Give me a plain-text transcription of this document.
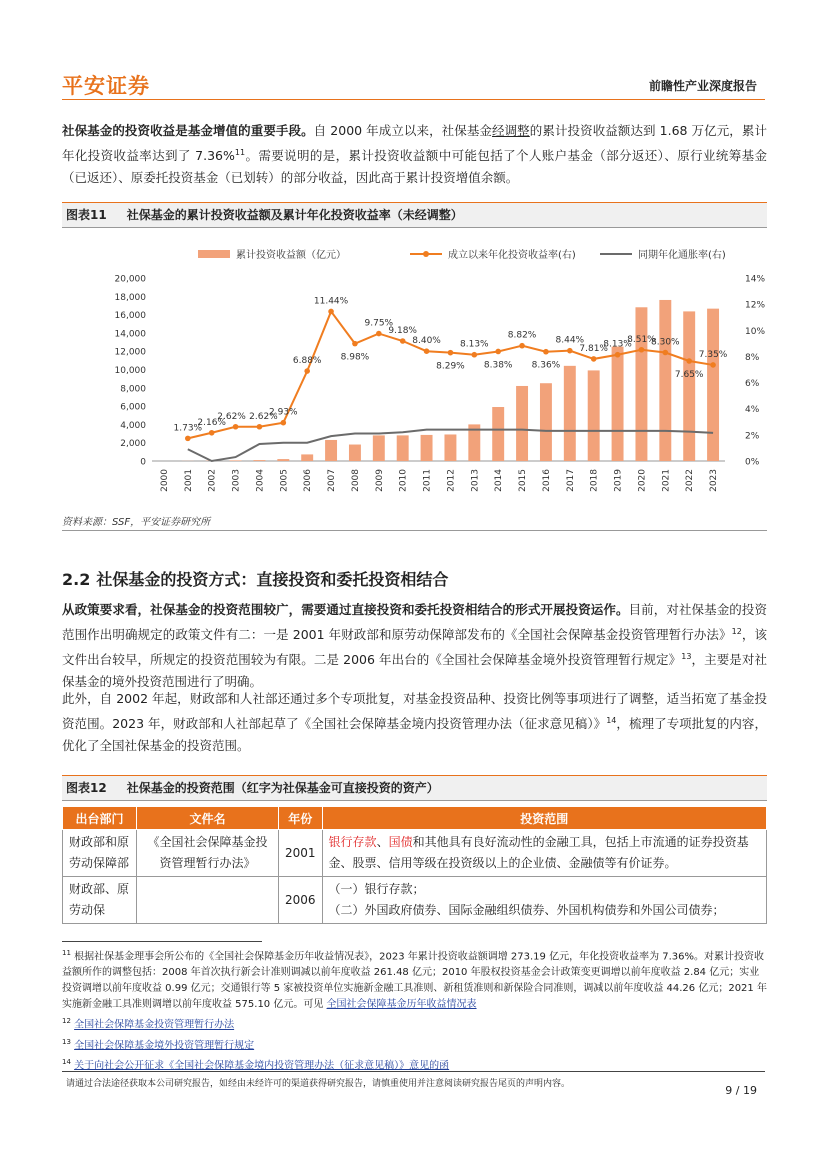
平安证券	前瞻性产业深度报告
社保基金的投资收益是基金增值的重要手段。自 2000 年成立以来，社保基金经调整的累计投资收益额达到 1.68 万亿元，累计年化投资收益率达到了 7.36%$^{11}$。需要说明的是，累计投资收益额中可能包括了个人账户基金（部分返还）、原行业统筹基金（已返还）、原委托投资基金（已划转）的部分收益，因此高于累计投资增值余额。
图表11 社保基金的累计投资收益额及累计年化投资收益率（未经调整）
累计投资收益额（亿元）	成立以来年化投资收益率(右)	同期年化通胀率(右)
0
2,000
4,000
6,000
8,000
10,000
12,000
14,000
16,000
18,000
20,000
0%
2%
4%
6%
8%
10%
12%
14%
2000 2001 2002 2003 2004 2005 2006 2007 2008 2009 2010 2011 2012 2013 2014 2015 2016 2017 2018 2019 2020 2021 2022 2023
1.73%
2.16%
2.62% 2.62%
2.93%
6.88%
11.44%
8.98%
9.75%
9.18%
8.40%
8.29%
8.13%
8.38%
8.82%
8.36%
8.44%
7.81%
8.13%
8.51%
8.30%
7.65%
7.35%
资料来源：SSF，平安证券研究所
2.2 社保基金的投资方式：直接投资和委托投资相结合
从政策要求看，社保基金的投资范围较广，需要通过直接投资和委托投资相结合的形式开展投资运作。目前，对社保基金的投资范围作出明确规定的政策文件有二：一是 2001 年财政部和原劳动保障部发布的《全国社会保障基金投资管理暂行办法》$^{12}$，该文件出台较早，所规定的投资范围较为有限。二是 2006 年出台的《全国社会保障基金境外投资管理暂行规定》$^{13}$，主要是对社保基金的境外投资范围进行了明确。
此外，自 2002 年起，财政部和人社部还通过多个专项批复，对基金投资品种、投资比例等事项进行了调整，适当拓宽了基金投资范围。2023 年，财政部和人社部起草了《全国社会保障基金境内投资管理办法（征求意见稿）》$^{14}$，梳理了专项批复的内容，优化了全国社保基金的投资范围。
图表12 社保基金的投资范围（红字为社保基金可直接投资的资产）
出台部门	文件名	年份	投资范围
财政部和原劳动保障部	《全国社会保障基金投资管理暂行办法》	2001	银行存款、国债和其他具有良好流动性的金融工具，包括上市流通的证券投资基金、股票、信用等级在投资级以上的企业债、金融债等有价证券。
财政部、原劳动保		2006	（一）银行存款；
（二）外国政府债券、国际金融组织债券、外国机构债券和外国公司债券；
$^{11}$ 根据社保基金理事会所公布的《全国社会保障基金历年收益情况表》，2023 年累计投资收益额调增 273.19 亿元，年化投资收益率为 7.36%。对累计投资收益额所作的调整包括：2008 年首次执行新会计准则调减以前年度收益 261.48 亿元；2010 年股权投资基金会计政策变更调增以前年度收益 2.84 亿元；实业投资调增以前年度收益 0.99 亿元；交通银行等 5 家被投资单位实施新金融工具准则、新租赁准则和新保险合同准则，调减以前年度收益 44.26 亿元；2021 年实施新金融工具准则调增以前年度收益 575.10 亿元。可见 全国社会保障基金历年收益情况表
$^{12}$ 全国社会保障基金投资管理暂行办法
$^{13}$ 全国社会保障基金境外投资管理暂行规定
$^{14}$ 关于向社会公开征求《全国社会保障基金境内投资管理办法（征求意见稿）》意见的函
请通过合法途径获取本公司研究报告，如经由未经许可的渠道获得研究报告，请慎重使用并注意阅读研究报告尾页的声明内容。	9 / 19
